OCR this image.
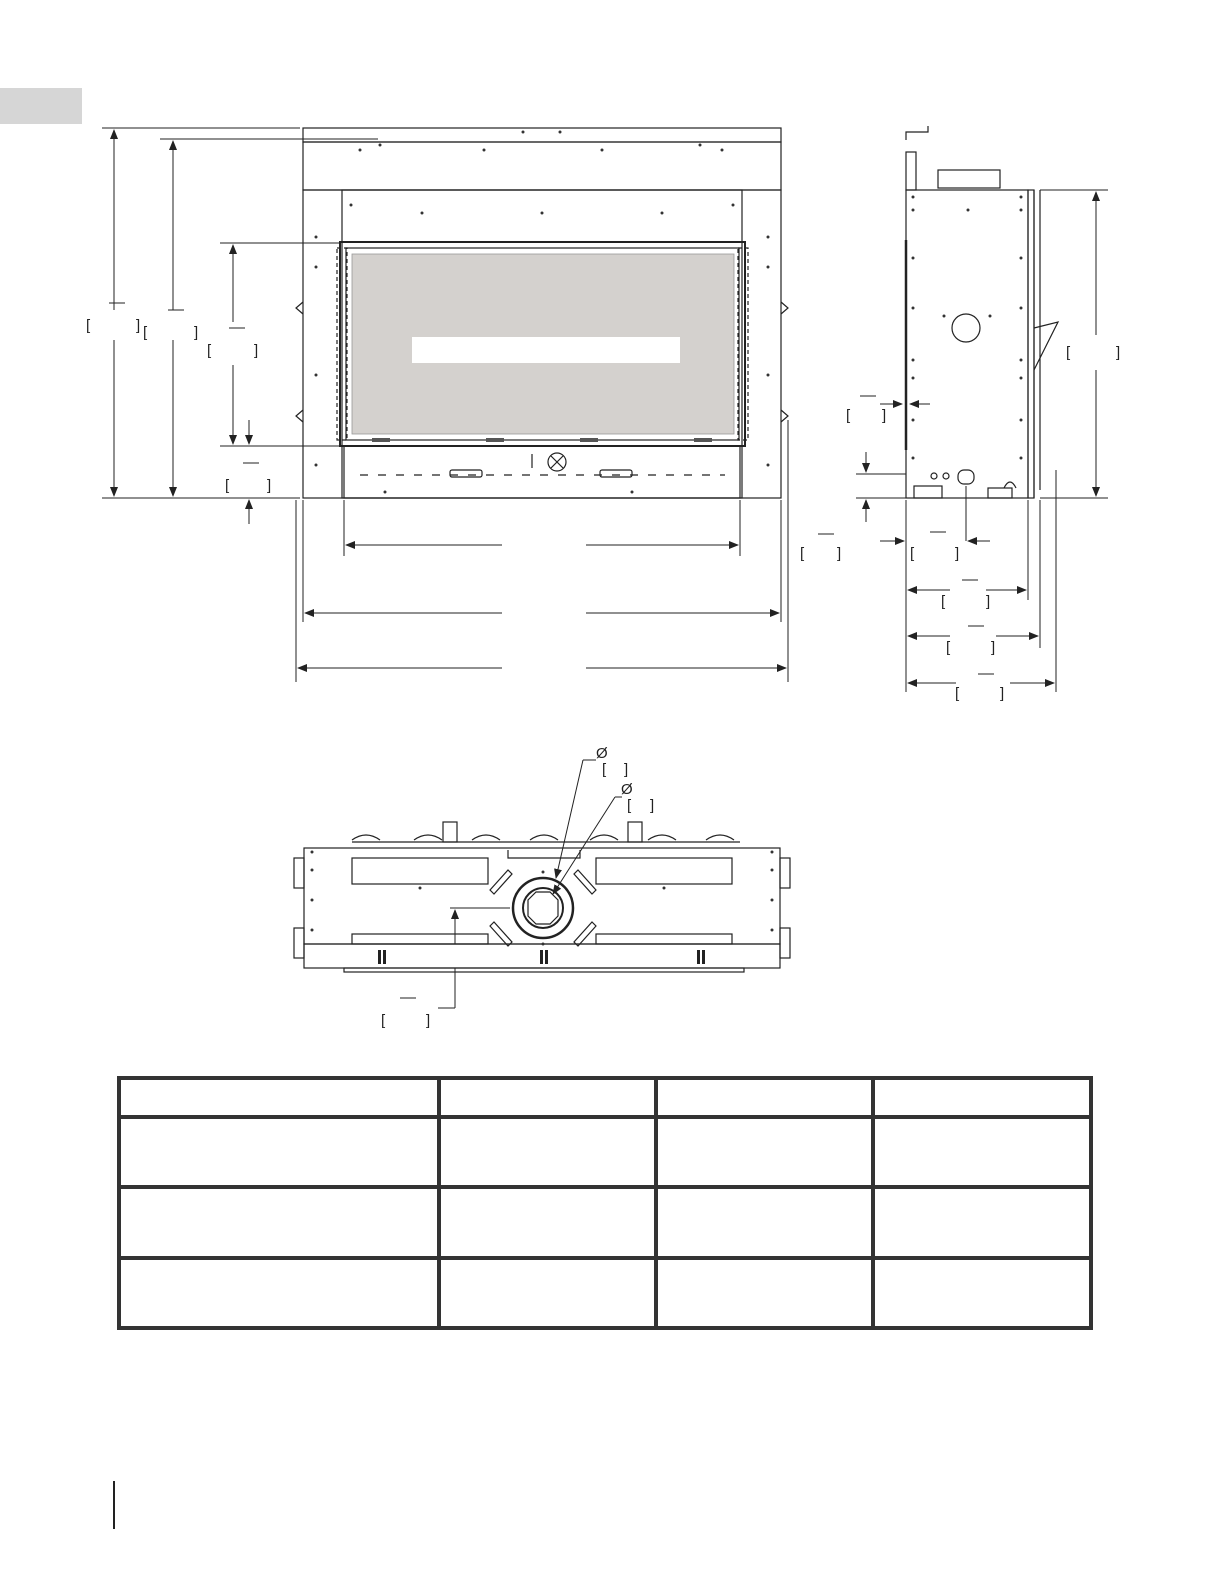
[	] [	]
[	]
[	]
[	]
[ ]
[ ]	[	]
[	]
[	]
[	]
Ø
[ ]
Ø
[ ]
[	]
